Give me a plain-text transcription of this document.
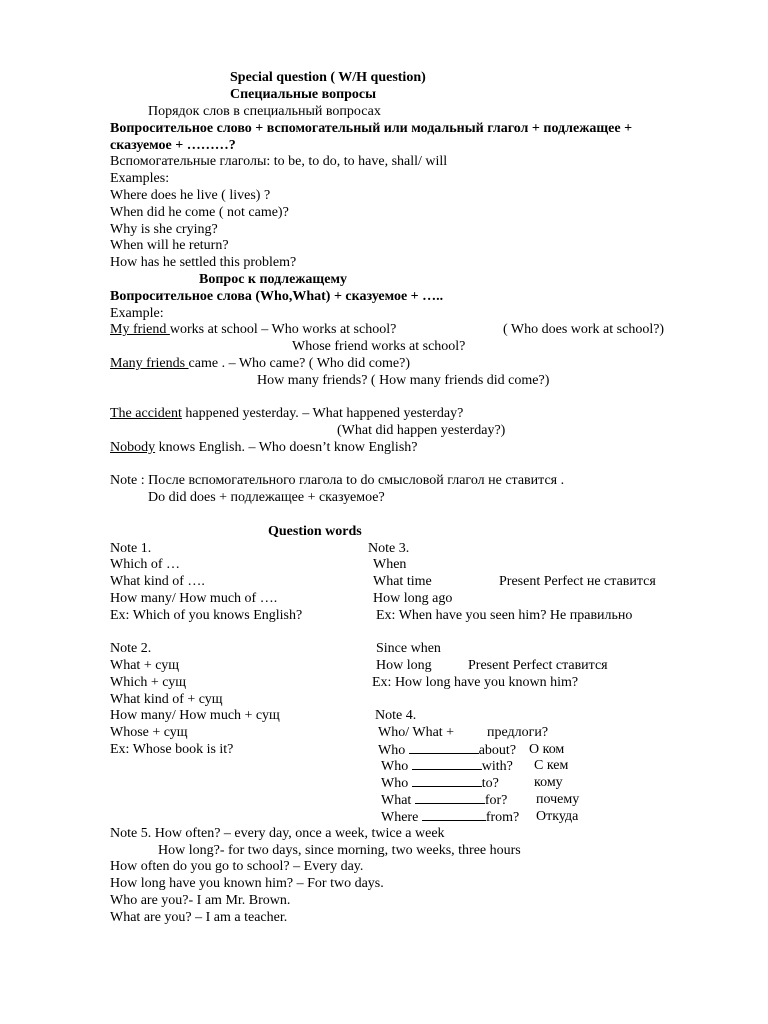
Special question ( W/H question)
Специальные вопросы
Порядок слов в специальный вопросах
Вопросительное слово + вспомогательный или модальный глагол + подлежащее +
сказуемое + ………?
Вспомогательные глаголы: to be, to do, to have, shall/ will
Examples:
Where does he live ( lives) ?
When did he come ( not came)?
Why is she crying?
When will he return?
How has he settled this problem?
Вопрос к подлежащему
Вопросительное слова (Who,What) + сказуемое + …..
Example:
My friend works at school – Who works at school?	( Who does work at school?)
Whose friend works at school?
Many friends came . – Who came? ( Who did come?)
How many friends? ( How many friends did come?)
The accident happened yesterday. – What happened yesterday?
(What did happen yesterday?)
Nobody knows English. – Who doesn’t know English?
Note : После вспомогательного глагола to do смысловой глагол не ставится .
Do did does + подлежащее + сказуемое?
Question words
Note 1.
Which of …
What kind of ….
How many/ How much of ….
Ex: Which of you knows English?
Note 3.
When
What time	Present Perfect не ставится
How long ago
Ex: When have you seen him? Не правильно
Note 2.
What + сущ
Which + сущ
What kind of + сущ
How many/ How much + сущ
Whose + сущ
Ex: Whose book is it?
Since when
How long	Present Perfect ставится
Ex: How long have you known him?
Note 4.
Who/ What + предлоги?
Who	about? О ком
Who	with? С кем
Who	to?	кому
What	for? почему
Where	from? Откуда
Note 5. How often? – every day, once a week, twice a week
How long?- for two days, since morning, two weeks, three hours
How often do you go to school? – Every day.
How long have you known him? – For two days.
Who are you?- I am Mr. Brown.
What are you? – I am a teacher.
